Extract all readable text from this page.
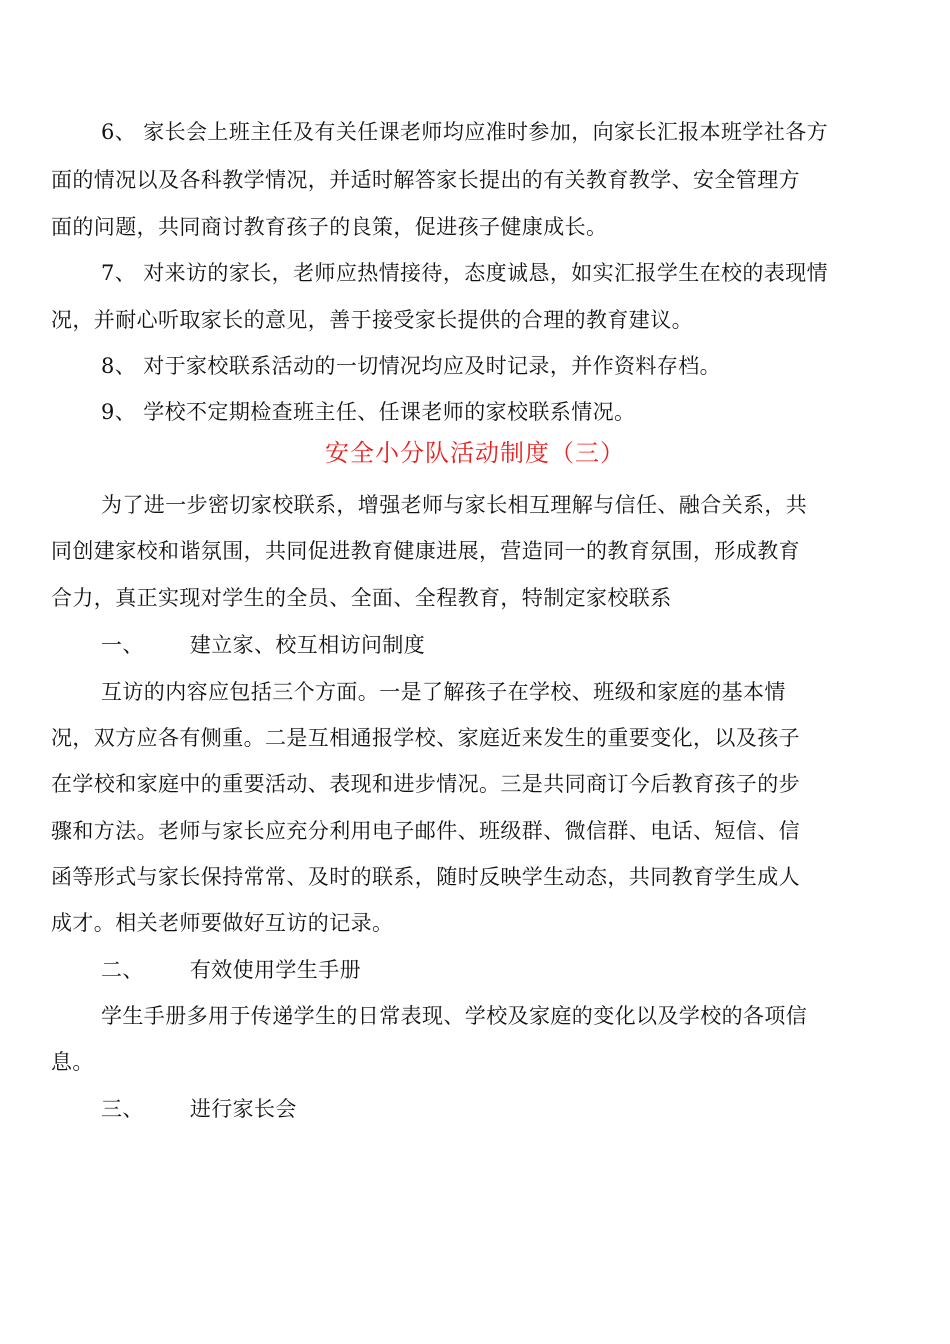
6、 家长会上班主任及有关任课老师均应准时参加，向家长汇报本班学社各方
面的情况以及各科教学情况，并适时解答家长提出的有关教育教学、安全管理方
面的问题，共同商讨教育孩子的良策，促进孩子健康成长。
7、 对来访的家长，老师应热情接待，态度诚恳，如实汇报学生在校的表现情
况，并耐心听取家长的意见，善于接受家长提供的合理的教育建议。
8、 对于家校联系活动的一切情况均应及时记录，并作资料存档。
9、 学校不定期检查班主任、任课老师的家校联系情况。
安全小分队活动制度（三）
为了进一步密切家校联系，增强老师与家长相互理解与信任、融合关系，共
同创建家校和谐氛围，共同促进教育健康进展，营造同一的教育氛围，形成教育
合力，真正实现对学生的全员、全面、全程教育，特制定家校联系
一、 建立家、校互相访问制度
互访的内容应包括三个方面。一是了解孩子在学校、班级和家庭的基本情
况，双方应各有侧重。二是互相通报学校、家庭近来发生的重要变化，以及孩子
在学校和家庭中的重要活动、表现和进步情况。三是共同商订今后教育孩子的步
骤和方法。老师与家长应充分利用电子邮件、班级群、微信群、电话、短信、信
函等形式与家长保持常常、及时的联系，随时反映学生动态，共同教育学生成人
成才。相关老师要做好互访的记录。
二、 有效使用学生手册
学生手册多用于传递学生的日常表现、学校及家庭的变化以及学校的各项信
息。
三、 进行家长会
